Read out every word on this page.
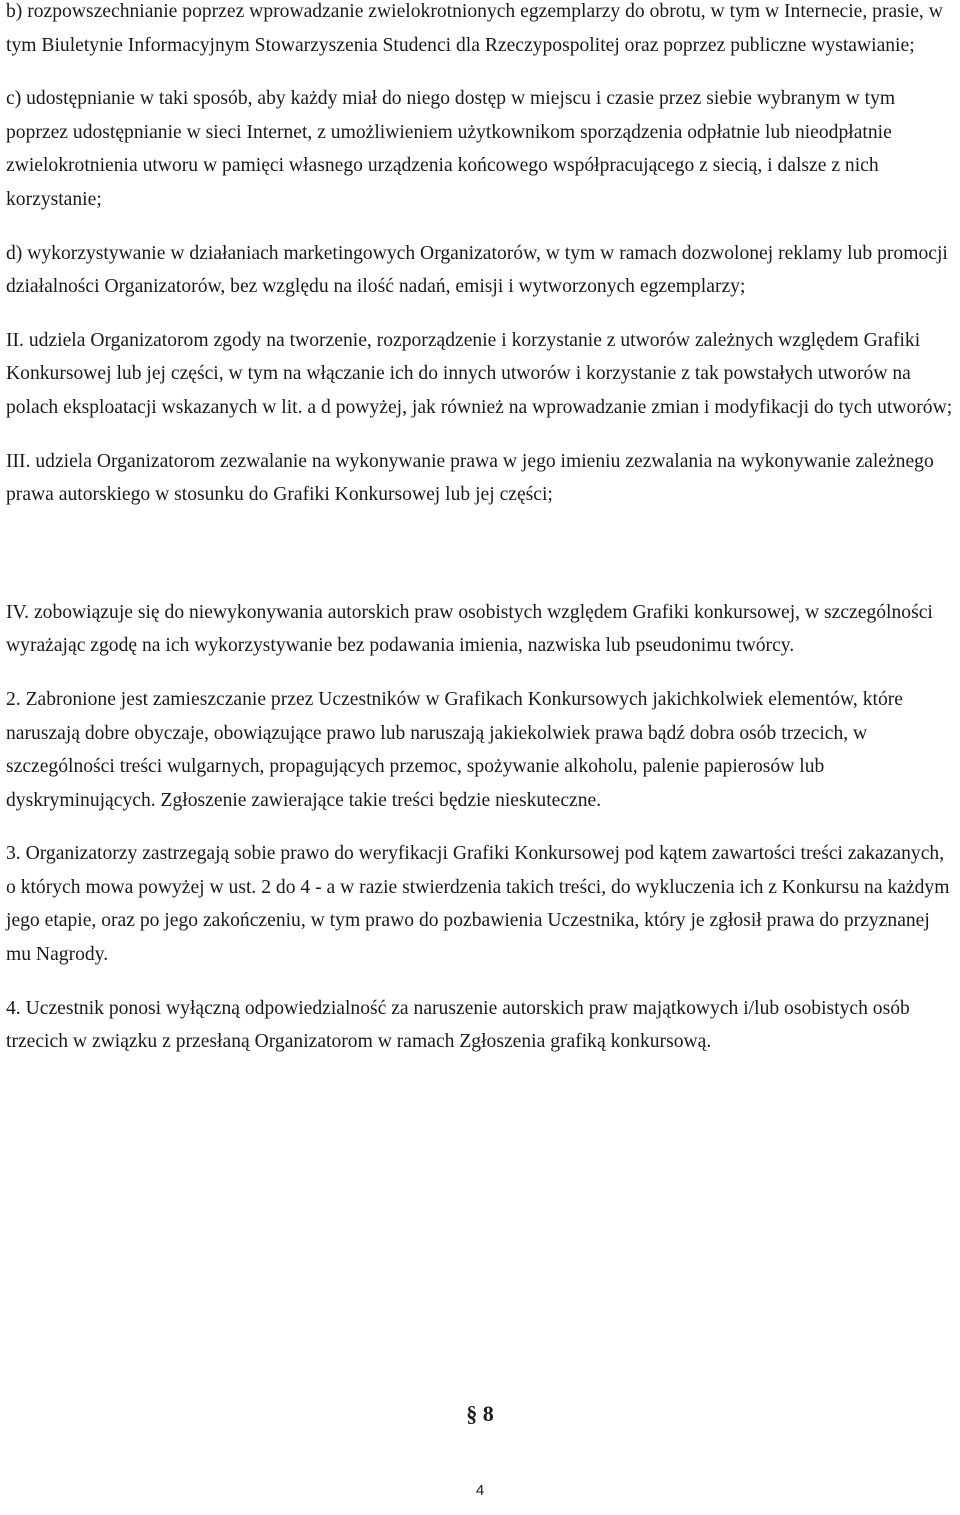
b) rozpowszechnianie poprzez wprowadzanie zwielokrotnionych egzemplarzy do obrotu, w tym w Internecie, prasie, w tym Biuletynie Informacyjnym Stowarzyszenia Studenci dla Rzeczypospolitej oraz poprzez publiczne wystawianie;

c) udostępnianie w taki sposób, aby każdy miał do niego dostęp w miejscu i czasie przez siebie wybranym w tym poprzez udostępnianie w sieci Internet, z umożliwieniem użytkownikom sporządzenia odpłatnie lub nieodpłatnie zwielokrotnienia utworu w pamięci własnego urządzenia końcowego współpracującego z siecią, i dalsze z nich korzystanie;

d) wykorzystywanie w działaniach marketingowych Organizatorów, w tym w ramach dozwolonej reklamy lub promocji działalności Organizatorów, bez względu na ilość nadań, emisji i wytworzonych egzemplarzy;

II. udziela Organizatorom zgody na tworzenie, rozporządzenie i korzystanie z utworów zależnych względem Grafiki Konkursowej lub jej części, w tym na włączanie ich do innych utworów i korzystanie z tak powstałych utworów na polach eksploatacji wskazanych w lit. a d powyżej, jak również na wprowadzanie zmian i modyfikacji do tych utworów;

III. udziela Organizatorom zezwalanie na wykonywanie prawa w jego imieniu zezwalania na wykonywanie zależnego prawa autorskiego w stosunku do Grafiki Konkursowej lub jej części;

IV. zobowiązuje się do niewykonywania autorskich praw osobistych względem Grafiki konkursowej, w szczególności wyrażając zgodę na ich wykorzystywanie bez podawania imienia, nazwiska lub pseudonimu twórcy.

2. Zabronione jest zamieszczanie przez Uczestników w Grafikach Konkursowych jakichkolwiek elementów, które naruszają dobre obyczaje, obowiązujące prawo lub naruszają jakiekolwiek prawa bądź dobra osób trzecich, w szczególności treści wulgarnych, propagujących przemoc, spożywanie alkoholu, palenie papierosów lub dyskryminujących. Zgłoszenie zawierające takie treści będzie nieskuteczne.

3. Organizatorzy zastrzegają sobie prawo do weryfikacji Grafiki Konkursowej pod kątem zawartości treści zakazanych, o których mowa powyżej w ust. 2 do 4 - a w razie stwierdzenia takich treści, do wykluczenia ich z Konkursu na każdym jego etapie, oraz po jego zakończeniu, w tym prawo do pozbawienia Uczestnika, który je zgłosił prawa do przyznanej mu Nagrody.

4. Uczestnik ponosi wyłączną odpowiedzialność za naruszenie autorskich praw majątkowych i/lub osobistych osób trzecich w związku z przesłaną Organizatorom w ramach Zgłoszenia grafiką konkursową.

§ 8
4
